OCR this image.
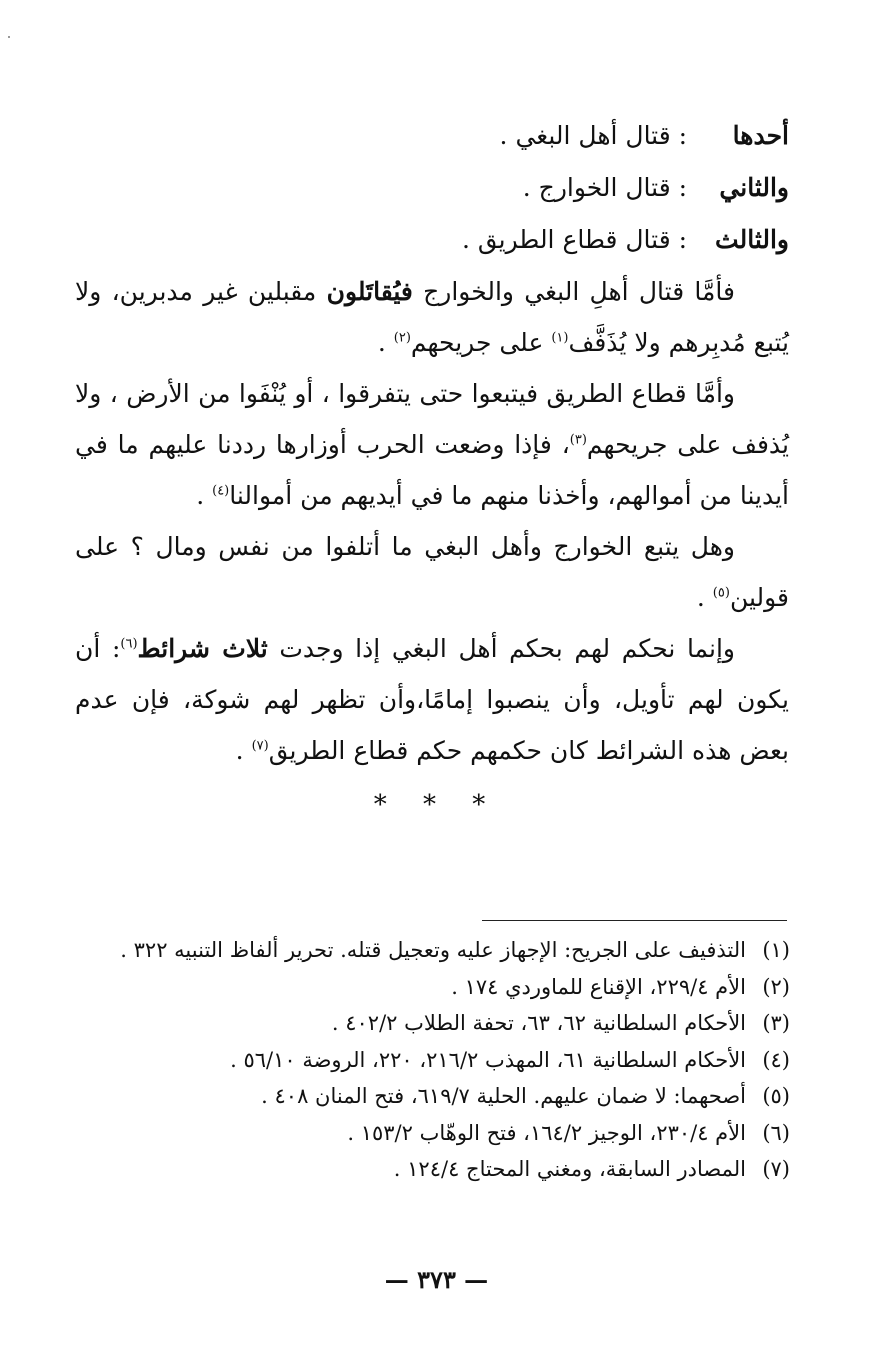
أحدها : قتال أهل البغي .
والثاني : قتال الخوارج .
والثالث : قتال قطاع الطريق .

فأمَّا قتال أهلِ البغي والخوارج فيُقاتَلون مقبلين غير مدبرين، ولا يُتبع مُدبِرهم ولا يُذَفَّف$^{(١)}$ على جريحهم$^{(٢)}$ .

وأمَّا قطاع الطريق فيتبعوا حتى يتفرقوا ، أو يُنْفَوا من الأرض ، ولا يُذفف على جريحهم$^{(٣)}$، فإذا وضعت الحرب أوزارها رددنا عليهم ما في أيدينا من أموالهم، وأخذنا منهم ما في أيديهم من أموالنا$^{(٤)}$ .

وهل يتبع الخوارج وأهل البغي ما أتلفوا من نفس ومال ؟ على قولين$^{(٥)}$ .

وإنما نحكم لهم بحكم أهل البغي إذا وجدت ثلاث شرائط$^{(٦)}$: أن يكون لهم تأويل، وأن ينصبوا إمامًا،وأن تظهر لهم شوكة، فإن عدم بعض هذه الشرائط كان حكمهم حكم قطاع الطريق$^{(٧)}$ .

* * *
(١)التذفيف على الجريح: الإجهاز عليه وتعجيل قتله. تحرير ألفاظ التنبيه ٣٢٢ .
(٢)الأم ٢٢٩/٤، الإقناع للماوردي ١٧٤ .
(٣)الأحكام السلطانية ٦٢، ٦٣، تحفة الطلاب ٤٠٢/٢ .
(٤)الأحكام السلطانية ٦١، المهذب ٢١٦/٢، ٢٢٠، الروضة ٥٦/١٠ .
(٥)أصحهما: لا ضمان عليهم. الحلية ٦١٩/٧، فتح المنان ٤٠٨ .
(٦)الأم ٢٣٠/٤، الوجيز ١٦٤/٢، فتح الوهّاب ١٥٣/٢ .
(٧)المصادر السابقة، ومغني المحتاج ١٢٤/٤ .
— ٣٧٣ —
